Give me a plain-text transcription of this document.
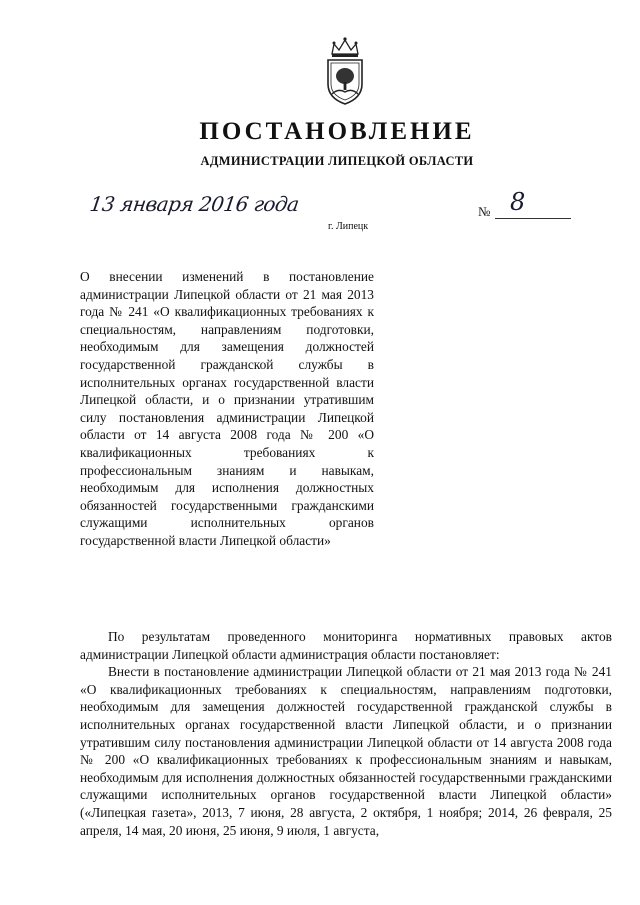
ПОСТАНОВЛЕНИЕ
АДМИНИСТРАЦИИ ЛИПЕЦКОЙ ОБЛАСТИ
13 января 2016 года
г. Липецк
№ 8
О внесении изменений в постановление администрации Липецкой области от 21 мая 2013 года № 241 «О квалификационных требованиях к специальностям, направлениям подготовки, необходимым для замещения должностей государственной гражданской службы в исполнительных органах государственной власти Липецкой области, и о признании утратившим силу постановления администрации Липецкой области от 14 августа 2008 года № 200 «О квалификационных требованиях к профессиональным знаниям и навыкам, необходимым для исполнения должностных обязанностей государственными гражданскими служащими исполнительных органов государственной власти Липецкой области»

По результатам проведенного мониторинга нормативных правовых актов администрации Липецкой области администрация области постановляет:

Внести в постановление администрации Липецкой области от 21 мая 2013 года № 241 «О квалификационных требованиях к специальностям, направлениям подготовки, необходимым для замещения должностей государственной гражданской службы в исполнительных органах государственной власти Липецкой области, и о признании утратившим силу постановления администрации Липецкой области от 14 августа 2008 года № 200 «О квалификационных требованиях к профессиональным знаниям и навыкам, необходимым для исполнения должностных обязанностей государственными гражданскими служащими исполнительных органов государственной власти Липецкой области» («Липецкая газета», 2013, 7 июня, 28 августа, 2 октября, 1 ноября; 2014, 26 февраля, 25 апреля, 14 мая, 20 июня, 25 июня, 9 июля, 1 августа,
